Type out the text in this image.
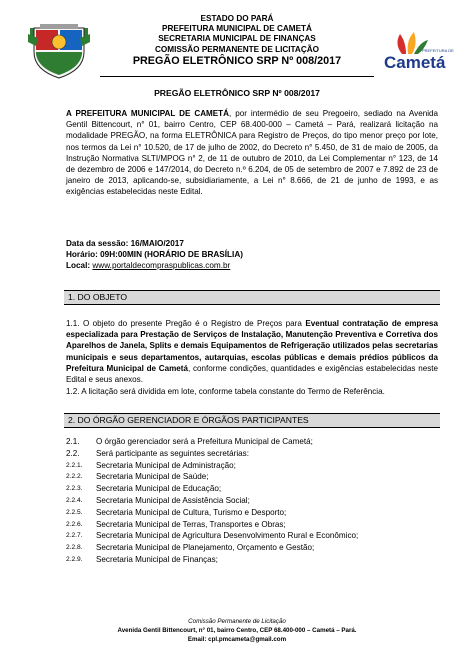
ESTADO DO PARÁ
PREFEITURA MUNICIPAL DE CAMETÁ
SECRETARIA MUNICIPAL DE FINANÇAS
COMISSÃO PERMANENTE DE LICITAÇÃO
PREGÃO ELETRÔNICO SRP Nº 008/2017
PREFEITURA DE
Cametá
PREGÃO ELETRÔNICO SRP Nº 008/2017
A PREFEITURA MUNICIPAL DE CAMETÁ, por intermédio de seu Pregoeiro, sediado na Avenida Gentil Bittencourt, n° 01, bairro Centro, CEP 68.400-000 – Cametá – Pará, realizará licitação na modalidade PREGÃO, na forma ELETRÔNICA para Registro de Preços, do tipo menor preço por lote, nos termos da Lei n° 10.520, de 17 de julho de 2002, do Decreto n° 5.450, de 31 de maio de 2005, da Instrução Normativa SLTI/MPOG n° 2, de 11 de outubro de 2010, da Lei Complementar n° 123, de 14 de dezembro de 2006 e 147/2014, do Decreto n.º 6.204, de 05 de setembro de 2007 e 7.892 de 23 de janeiro de 2013, aplicando-se, subsidiariamente, a Lei n° 8.666, de 21 de junho de 1993, e as exigências estabelecidas neste Edital.
Data da sessão: 16/MAIO/2017
Horário: 09H:00MIN (HORÁRIO DE BRASÍLIA)
Local: www.portaldecompraspublicas.com.br
1. DO OBJETO
1.1. O objeto do presente Pregão é o Registro de Preços para Eventual contratação de empresa especializada para Prestação de Serviços de Instalação, Manutenção Preventiva e Corretiva dos Aparelhos de Janela, Splits e demais Equipamentos de Refrigeração utilizados pelas secretarias municipais e seus departamentos, autarquias, escolas públicas e demais prédios públicos da Prefeitura Municipal de Cametá, conforme condições, quantidades e exigências estabelecidas neste Edital e seus anexos.
1.2. A licitação será dividida em lote, conforme tabela constante do Termo de Referência.
2. DO ÓRGÃO GERENCIADOR E ÓRGÃOS PARTICIPANTES
2.1. O órgão gerenciador será a Prefeitura Municipal de Cametá;
2.2. Será participante as seguintes secretárias:
2.2.1. Secretaria Municipal de Administração;
2.2.2. Secretaria Municipal de Saúde;
2.2.3. Secretaria Municipal de Educação;
2.2.4. Secretaria Municipal de Assistência Social;
2.2.5. Secretaria Municipal de Cultura, Turismo e Desporto;
2.2.6. Secretaria Municipal de Terras, Transportes e Obras;
2.2.7. Secretaria Municipal de Agricultura Desenvolvimento Rural e Econômico;
2.2.8. Secretaria Municipal de Planejamento, Orçamento e Gestão;
2.2.9. Secretaria Municipal de Finanças;
Comissão Permanente de Licitação
Avenida Gentil Bittencourt, n° 01, bairro Centro, CEP 68.400-000 – Cametá – Pará.
Email: cpl.pmcameta@gmail.com
